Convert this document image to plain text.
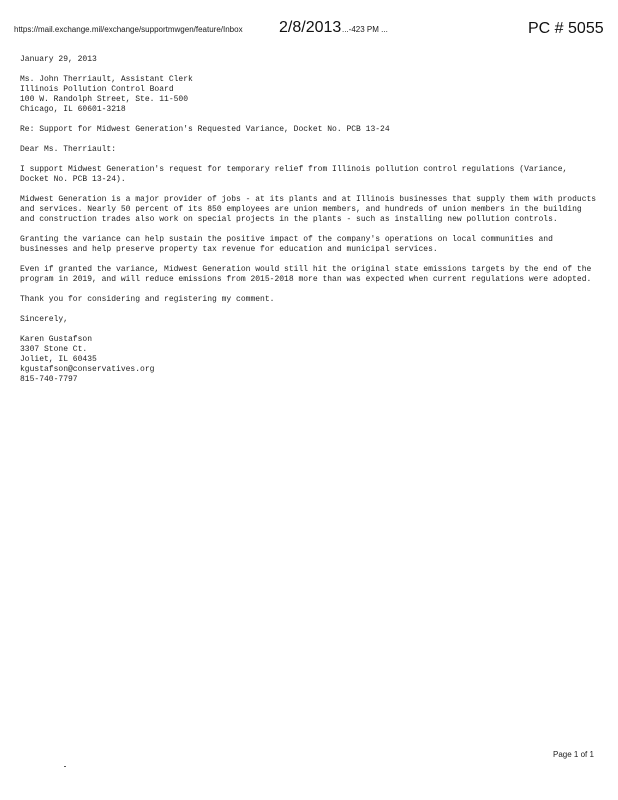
https://mail.exchange.mil/exchange/supportmwgen/feature/Inbox 2/8/2013 ...-423 PM ...	PC # 5055
January 29, 2013
Ms. John Therriault, Assistant Clerk
Illinois Pollution Control Board
100 W. Randolph Street, Ste. 11-500
Chicago, IL 60601-3218
Re: Support for Midwest Generation's Requested Variance, Docket No. PCB 13-24
Dear Ms. Therriault:
I support Midwest Generation's request for temporary relief from Illinois pollution control regulations (Variance, Docket No. PCB 13-24).
Midwest Generation is a major provider of jobs - at its plants and at Illinois businesses that supply them with products and services. Nearly 50 percent of its 850 employees are union members, and hundreds of union members in the building and construction trades also work on special projects in the plants - such as installing new pollution controls.
Granting the variance can help sustain the positive impact of the company's operations on local communities and businesses and help preserve property tax revenue for education and municipal services.
Even if granted the variance, Midwest Generation would still hit the original state emissions targets by the end of the program in 2019, and will reduce emissions from 2015-2018 more than was expected when current regulations were adopted.
Thank you for considering and registering my comment.
Sincerely,
Karen Gustafson
3307 Stone Ct.
Joliet, IL 60435
kgustafson@conservatives.org
815-740-7797
Page 1 of 1
